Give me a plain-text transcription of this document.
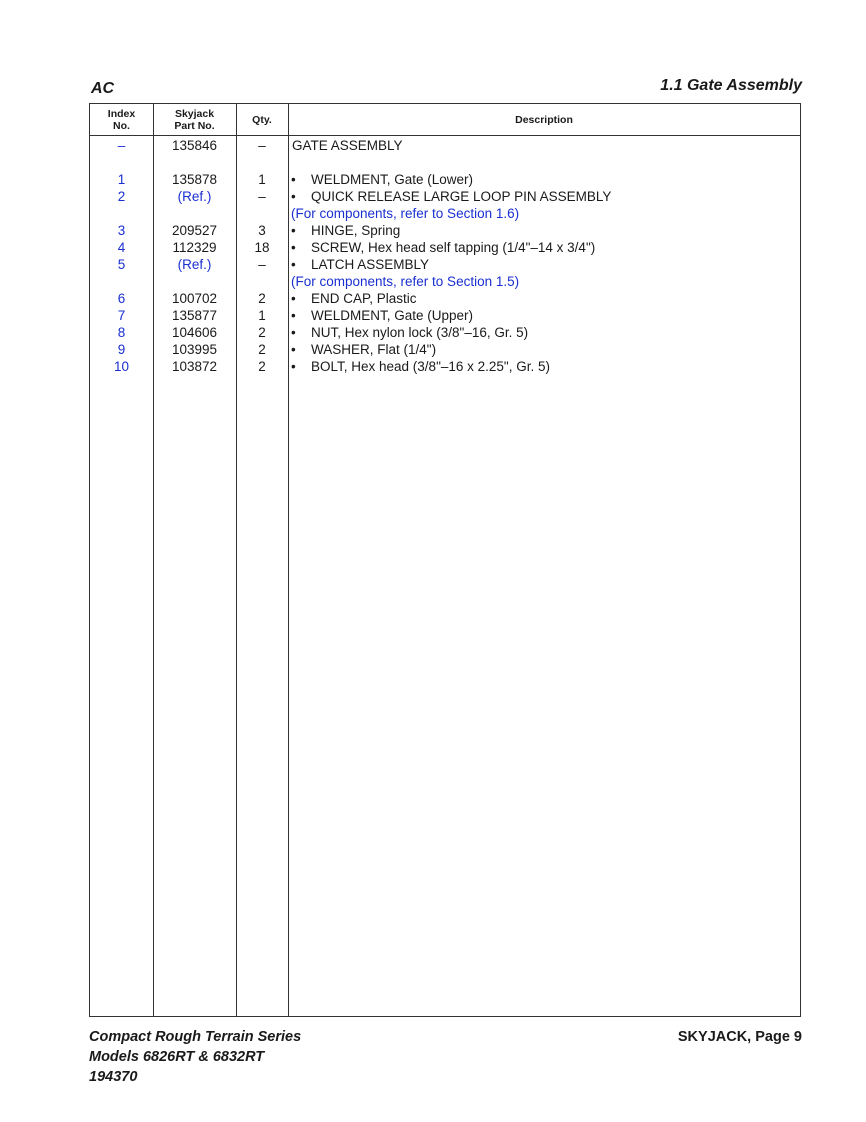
AC	1.1 Gate Assembly
Index
No.
Skyjack
Part No.	Qty.	Description
–	135846	–	GATE ASSEMBLY
1	135878	1	• WELDMENT, Gate (Lower)
2	(Ref.)	–	• QUICK RELEASE LARGE LOOP PIN ASSEMBLY
(For components, refer to Section 1.6)
3	209527	3	• HINGE, Spring
4	112329	18	• SCREW, Hex head self tapping (1/4"–14 x 3/4")
5	(Ref.)	–	• LATCH ASSEMBLY
(For components, refer to Section 1.5)
6	100702	2	• END CAP, Plastic
7	135877	1	• WELDMENT, Gate (Upper)
8	104606	2	• NUT, Hex nylon lock (3/8"–16, Gr. 5)
9	103995	2	• WASHER, Flat (1/4")
10	103872	2	• BOLT, Hex head (3/8"–16 x 2.25", Gr. 5)
Compact Rough Terrain Series
Models 6826RT & 6832RT
194370
SKYJACK, Page 9
